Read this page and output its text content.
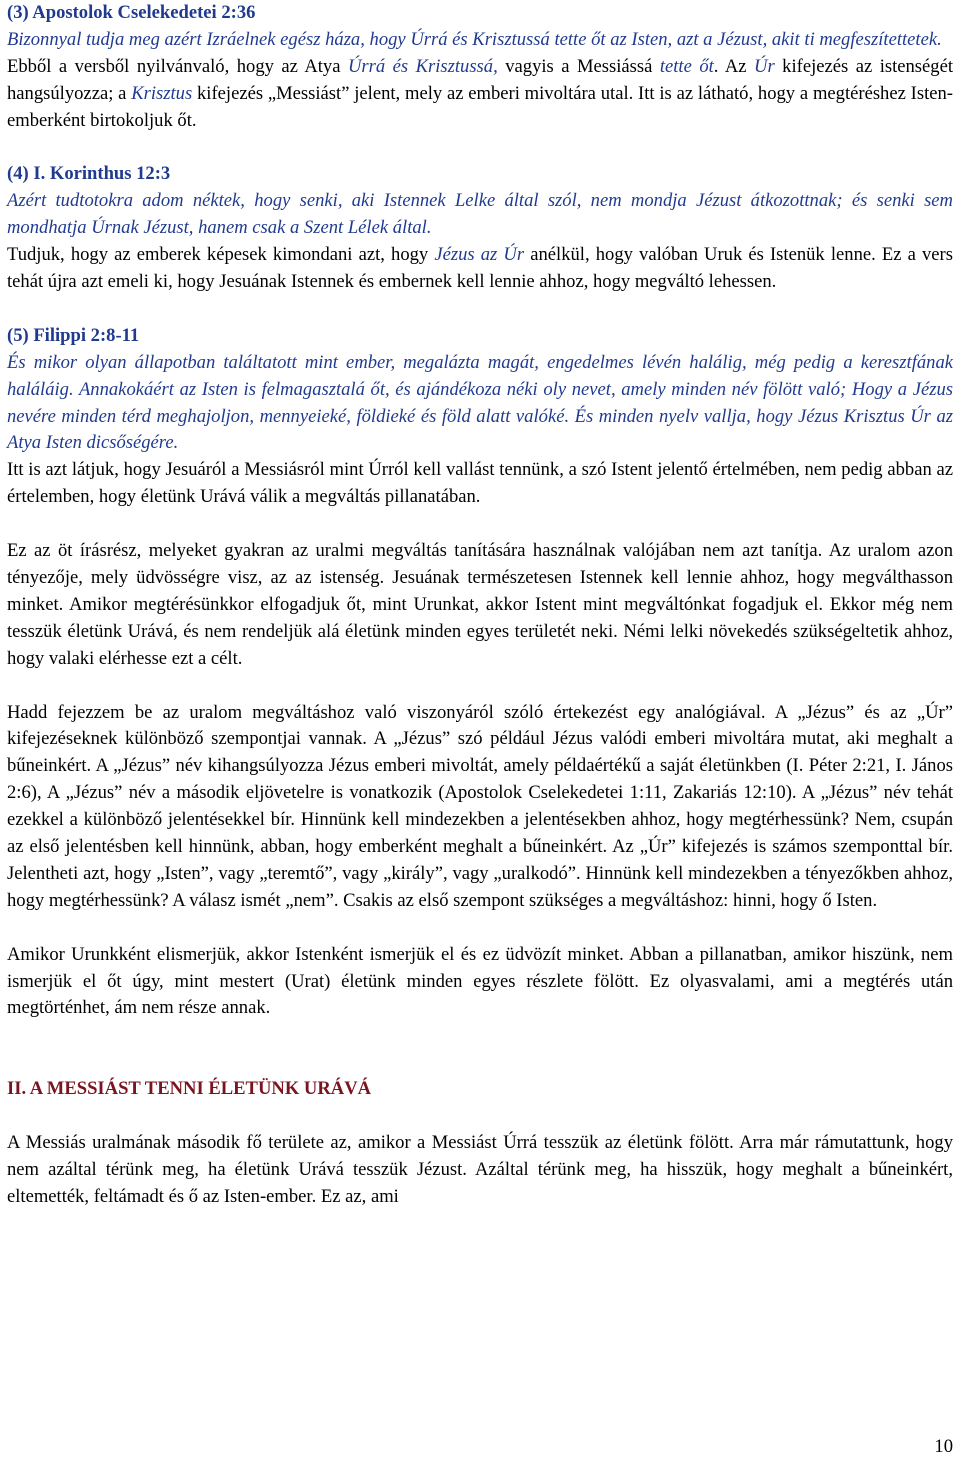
(3) Apostolok Cselekedetei 2:36

Bizonnyal tudja meg azért Izráelnek egész háza, hogy Úrrá és Krisztussá tette őt az Isten, azt a Jézust, akit ti megfeszítettetek.

Ebből a versből nyilvánvaló, hogy az Atya Úrrá és Krisztussá, vagyis a Messiássá tette őt. Az Úr kifejezés az istenségét hangsúlyozza; a Krisztus kifejezés „Messiást” jelent, mely az emberi mivoltára utal. Itt is az látható, hogy a megtéréshez Isten-emberként birtokoljuk őt.

(4) I. Korinthus 12:3

Azért tudtotokra adom néktek, hogy senki, aki Istennek Lelke által szól, nem mondja Jézust átkozottnak; és senki sem mondhatja Úrnak Jézust, hanem csak a Szent Lélek által.

Tudjuk, hogy az emberek képesek kimondani azt, hogy Jézus az Úr anélkül, hogy valóban Uruk és Istenük lenne. Ez a vers tehát újra azt emeli ki, hogy Jesuának Istennek és embernek kell lennie ahhoz, hogy megváltó lehessen.

(5) Filippi 2:8-11

És mikor olyan állapotban találtatott mint ember, megalázta magát, engedelmes lévén halálig, még pedig a keresztfának haláláig. Annakokáért az Isten is felmagasztalá őt, és ajándékoza néki oly nevet, amely minden név fölött való; Hogy a Jézus nevére minden térd meghajoljon, mennyeieké, földieké és föld alatt valóké. És minden nyelv vallja, hogy Jézus Krisztus Úr az Atya Isten dicsőségére.

Itt is azt látjuk, hogy Jesuáról a Messiásról mint Úrról kell vallást tennünk, a szó Istent jelentő értelmében, nem pedig abban az értelemben, hogy életünk Urává válik a megváltás pillanatában.

Ez az öt írásrész, melyeket gyakran az uralmi megváltás tanítására használnak valójában nem azt tanítja. Az uralom azon tényezője, mely üdvösségre visz, az az istenség. Jesuának természetesen Istennek kell lennie ahhoz, hogy megválthasson minket. Amikor megtérésünkkor elfogadjuk őt, mint Urunkat, akkor Istent mint megváltónkat fogadjuk el. Ekkor még nem tesszük életünk Urává, és nem rendeljük alá életünk minden egyes területét neki. Némi lelki növekedés szükségeltetik ahhoz, hogy valaki elérhesse ezt a célt.

Hadd fejezzem be az uralom megváltáshoz való viszonyáról szóló értekezést egy analógiával. A „Jézus” és az „Úr” kifejezéseknek különböző szempontjai vannak. A „Jézus” szó például Jézus valódi emberi mivoltára mutat, aki meghalt a bűneinkért. A „Jézus” név kihangsúlyozza Jézus emberi mivoltát, amely példaértékű a saját életünkben (I. Péter 2:21, I. János 2:6), A „Jézus” név a második eljövetelre is vonatkozik (Apostolok Cselekedetei 1:11, Zakariás 12:10). A „Jézus” név tehát ezekkel a különböző jelentésekkel bír. Hinnünk kell mindezekben a jelentésekben ahhoz, hogy megtérhessünk? Nem, csupán az első jelentésben kell hinnünk, abban, hogy emberként meghalt a bűneinkért. Az „Úr” kifejezés is számos szemponttal bír. Jelentheti azt, hogy „Isten”, vagy „teremtő”, vagy „király”, vagy „uralkodó”. Hinnünk kell mindezekben a tényezőkben ahhoz, hogy megtérhessünk? A válasz ismét „nem”. Csakis az első szempont szükséges a megváltáshoz: hinni, hogy ő Isten.

Amikor Urunkként elismerjük, akkor Istenként ismerjük el és ez üdvözít minket. Abban a pillanatban, amikor hiszünk, nem ismerjük el őt úgy, mint mestert (Urat) életünk minden egyes részlete fölött. Ez olyasvalami, ami a megtérés után megtörténhet, ám nem része annak.

II. A MESSIÁST TENNI ÉLETÜNK URÁVÁ

A Messiás uralmának második fő területe az, amikor a Messiást Úrrá tesszük az életünk fölött. Arra már rámutattunk, hogy nem azáltal térünk meg, ha életünk Urává tesszük Jézust. Azáltal térünk meg, ha hisszük, hogy meghalt a bűneinkért, eltemették, feltámadt és ő az Isten-ember. Ez az, ami

10
